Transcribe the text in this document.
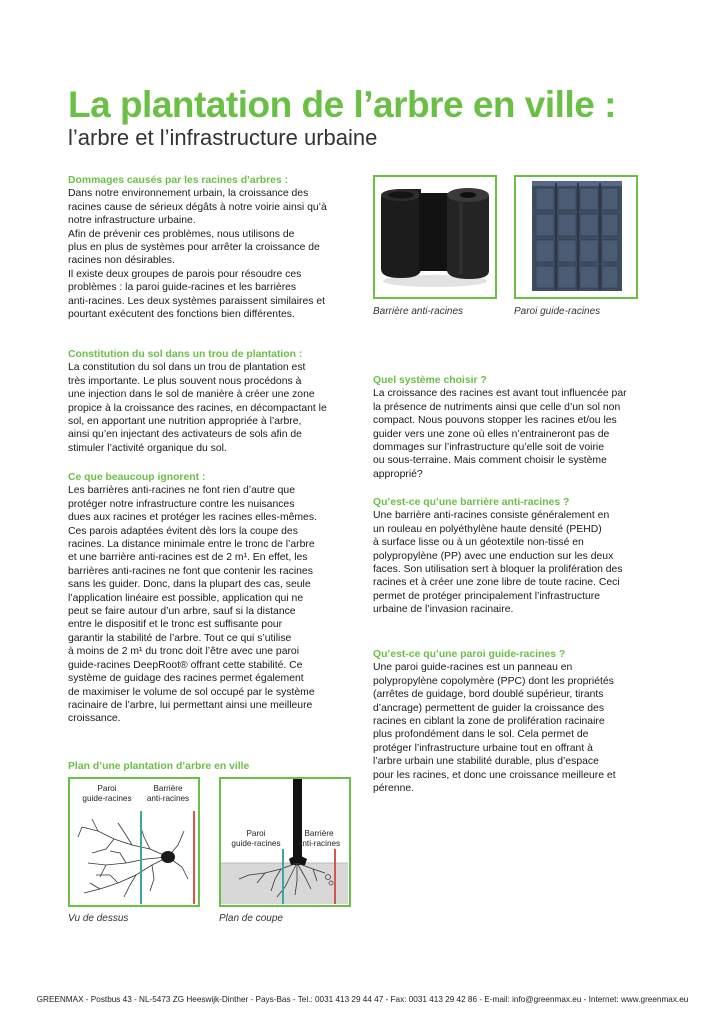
La plantation de l’arbre en ville :
l’arbre et l’infrastructure urbaine
Dommages causés par les racines d’arbres :

Dans notre environnement urbain, la croissance des
racines cause de sérieux dégâts à notre voirie ainsi qu’à
notre infrastructure urbaine.
Afin de prévenir ces problèmes, nous utilisons de
plus en plus de systèmes pour arrêter la croissance de
racines non désirables.
Il existe deux groupes de parois pour résoudre ces
problèmes : la paroi guide-racines et les barrières
anti-racines. Les deux systèmes paraissent similaires et
pourtant exécutent des fonctions bien différentes.

Constitution du sol dans un trou de plantation :

La constitution du sol dans un trou de plantation est
très importante. Le plus souvent nous procédons à
une injection dans le sol de manière à créer une zone
propice à la croissance des racines, en décompactant le
sol, en apportant une nutrition appropriée à l’arbre,
ainsi qu’en injectant des activateurs de sols afin de
stimuler l’activité organique du sol.

Ce que beaucoup ignorent :

Les barrières anti-racines ne font rien d’autre que
protéger notre infrastructure contre les nuisances
dues aux racines et protéger les racines elles-mêmes.
Ces parois adaptées évitent dès lors la coupe des
racines. La distance minimale entre le tronc de l’arbre
et une barrière anti-racines est de 2 m¹. En effet, les
barrières anti-racines ne font que contenir les racines
sans les guider. Donc, dans la plupart des cas, seule
l’application linéaire est possible, application qui ne
peut se faire autour d’un arbre, sauf si la distance
entre le dispositif et le tronc est suffisante pour
garantir la stabilité de l’arbre. Tout ce qui s’utilise
à moins de 2 m¹ du tronc doit l’être avec une paroi
guide-racines DeepRoot® offrant cette stabilité. Ce
système de guidage des racines permet également
de maximiser le volume de sol occupé par le système
racinaire de l’arbre, lui permettant ainsi une meilleure
croissance.

Barrière anti-racines	Paroi guide-racines
Quel système choisir ?

La croissance des racines est avant tout influencée par
la présence de nutriments ainsi que celle d’un sol non
compact. Nous pouvons stopper les racines et/ou les
guider vers une zone où elles n’entraineront pas de
dommages sur l’infrastructure qu’elle soit de voirie
ou sous-terraine. Mais comment choisir le système
approprié?

Qu’est-ce qu’une barrière anti-racines ?

Une barrière anti-racines consiste généralement en
un rouleau en polyéthylène haute densité (PEHD)
à surface lisse ou à un géotextile non-tissé en
polypropylène (PP) avec une enduction sur les deux
faces. Son utilisation sert à bloquer la prolifération des
racines et à créer une zone libre de toute racine. Ceci
permet de protéger principalement l’infrastructure
urbaine de l’invasion racinaire.

Qu’est-ce qu’une paroi guide-racines ?

Une paroi guide-racines est un panneau en
polypropylène copolymère (PPC) dont les propriétés
(arrêtes de guidage, bord doublé supérieur, tirants
d’ancrage) permettent de guider la croissance des
racines en ciblant la zone de prolifération racinaire
plus profondément dans le sol. Cela permet de
protéger l’infrastructure urbaine tout en offrant à
l’arbre urbain une stabilité durable, plus d’espace
pour les racines, et donc une croissance meilleure et
pérenne.

Plan d’une plantation d’arbre en ville
Paroi
guide-racines
Barrière
anti-racines
Vu de dessus
Paroi
guide-racines
Barrière
anti-racines
Plan de coupe
GREENMAX - Postbus 43 - NL-5473 ZG Heeswijk-Dinther - Pays-Bas - Tel.: 0031 413 29 44 47 - Fax: 0031 413 29 42 86 - E-mail: info@greenmax.eu - Internet: www.greenmax.eu
